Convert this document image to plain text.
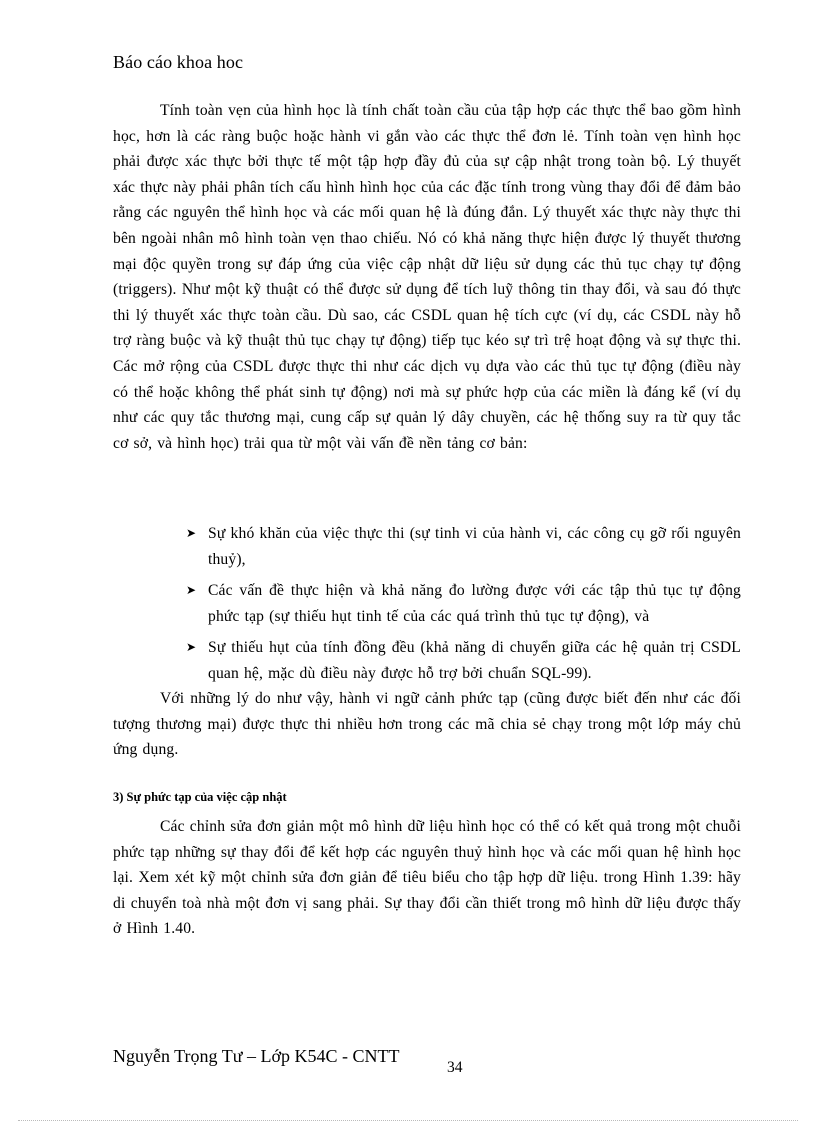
Báo cáo khoa hoc

Tính toàn vẹn của hình học là tính chất toàn cầu của tập hợp các thực thể bao gồm hình học, hơn là các ràng buộc hoặc hành vi gắn vào các thực thể đơn lẻ. Tính toàn vẹn hình học phải được xác thực bởi thực tế một tập hợp đầy đủ của sự cập nhật trong toàn bộ. Lý thuyết xác thực này phải phân tích cấu hình hình học của các đặc tính trong vùng thay đổi để đảm bảo rằng các nguyên thể hình học và các mối quan hệ là đúng đắn. Lý thuyết xác thực này thực thi bên ngoài nhân mô hình toàn vẹn thao chiếu. Nó có khả năng thực hiện được lý thuyết thương mại độc quyền trong sự đáp ứng của việc cập nhật dữ liệu sử dụng các thủ tục chạy tự động (triggers). Như một kỹ thuật có thể được sử dụng để tích luỹ thông tin thay đổi, và sau đó thực thi lý thuyết xác thực toàn cầu. Dù sao, các CSDL quan hệ tích cực (ví dụ, các CSDL này hỗ trợ ràng buộc và kỹ thuật thủ tục chạy tự động) tiếp tục kéo sự trì trệ hoạt động và sự thực thi. Các mở rộng của CSDL được thực thi như các dịch vụ dựa vào các thủ tục tự động (điều này có thể hoặc không thể phát sinh tự động) nơi mà sự phức hợp của các miền là đáng kể (ví dụ như các quy tắc thương mại, cung cấp sự quản lý dây chuyền, các hệ thống suy ra từ quy tắc cơ sở, và hình học) trải qua từ một vài vấn đề nền tảng cơ bản:

➤ Sự khó khăn của việc thực thi (sự tinh vi của hành vi, các công cụ gỡ rối nguyên thuỷ),
➤ Các vấn đề thực hiện và khả năng đo lường được với các tập thủ tục tự động phức tạp (sự thiếu hụt tinh tế của các quá trình thủ tục tự động), và
➤ Sự thiếu hụt của tính đồng đều (khả năng di chuyển giữa các hệ quản trị CSDL quan hệ, mặc dù điều này được hỗ trợ bởi chuẩn SQL-99).

Với những lý do như vậy, hành vi ngữ cảnh phức tạp (cũng được biết đến như các đối tượng thương mại) được thực thi nhiều hơn trong các mã chia sẻ chạy trong một lớp máy chủ ứng dụng.

3) Sự phức tạp của việc cập nhật

Các chỉnh sửa đơn giản một mô hình dữ liệu hình học có thể có kết quả trong một chuỗi phức tạp những sự thay đổi để kết hợp các nguyên thuỷ hình học và các mối quan hệ hình học lại. Xem xét kỹ một chỉnh sửa đơn giản để tiêu biểu cho tập hợp dữ liệu. trong Hình 1.39: hãy di chuyển toà nhà một đơn vị sang phải. Sự thay đổi cần thiết trong mô hình dữ liệu được thấy ở Hình 1.40.

Nguyễn Trọng Tư – Lớp K54C - CNTT
34
